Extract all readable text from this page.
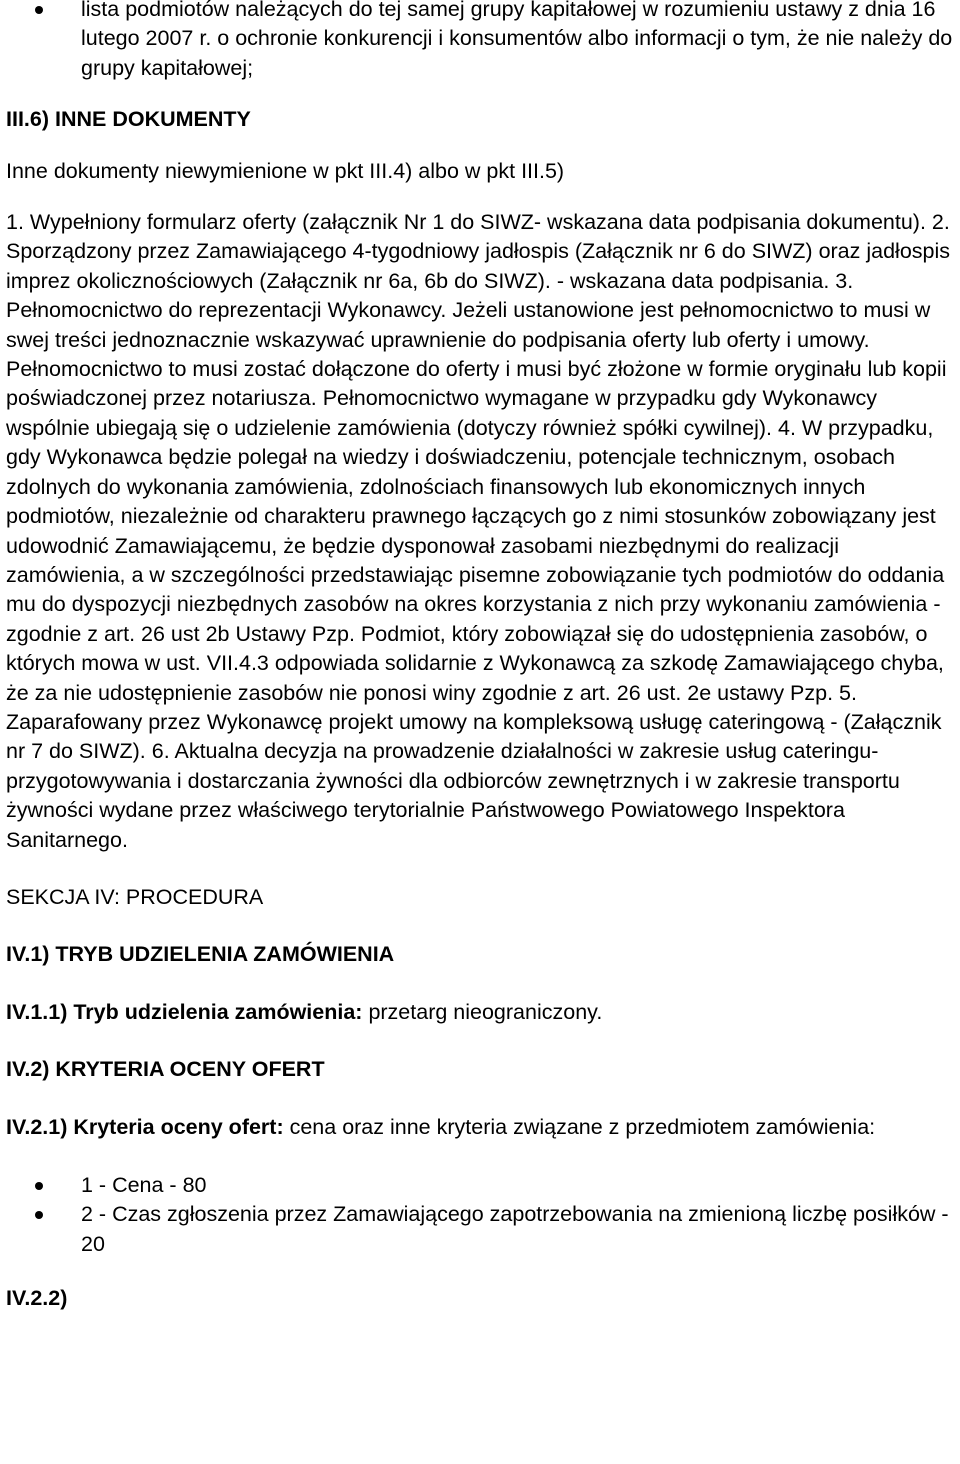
lista podmiotów należących do tej samej grupy kapitałowej w rozumieniu ustawy z dnia 16 lutego 2007 r. o ochronie konkurencji i konsumentów albo informacji o tym, że nie należy do grupy kapitałowej;

III.6) INNE DOKUMENTY

Inne dokumenty niewymienione w pkt III.4) albo w pkt III.5)

1. Wypełniony formularz oferty (załącznik Nr 1 do SIWZ- wskazana data podpisania dokumentu). 2. Sporządzony przez Zamawiającego 4-tygodniowy jadłospis (Załącznik nr 6 do SIWZ) oraz jadłospis imprez okolicznościowych (Załącznik nr 6a, 6b do SIWZ). - wskazana data podpisania. 3. Pełnomocnictwo do reprezentacji Wykonawcy. Jeżeli ustanowione jest pełnomocnictwo to musi w swej treści jednoznacznie wskazywać uprawnienie do podpisania oferty lub oferty i umowy. Pełnomocnictwo to musi zostać dołączone do oferty i musi być złożone w formie oryginału lub kopii poświadczonej przez notariusza. Pełnomocnictwo wymagane w przypadku gdy Wykonawcy wspólnie ubiegają się o udzielenie zamówienia (dotyczy również spółki cywilnej). 4. W przypadku, gdy Wykonawca będzie polegał na wiedzy i doświadczeniu, potencjale technicznym, osobach zdolnych do wykonania zamówienia, zdolnościach finansowych lub ekonomicznych innych podmiotów, niezależnie od charakteru prawnego łączących go z nimi stosunków zobowiązany jest udowodnić Zamawiającemu, że będzie dysponował zasobami niezbędnymi do realizacji zamówienia, a w szczególności przedstawiając pisemne zobowiązanie tych podmiotów do oddania mu do dyspozycji niezbędnych zasobów na okres korzystania z nich przy wykonaniu zamówienia - zgodnie z art. 26 ust 2b Ustawy Pzp. Podmiot, który zobowiązał się do udostępnienia zasobów, o których mowa w ust. VII.4.3 odpowiada solidarnie z Wykonawcą za szkodę Zamawiającego chyba, że za nie udostępnienie zasobów nie ponosi winy zgodnie z art. 26 ust. 2e ustawy Pzp. 5. Zaparafowany przez Wykonawcę projekt umowy na kompleksową usługę cateringową - (Załącznik nr 7 do SIWZ). 6. Aktualna decyzja na prowadzenie działalności w zakresie usług cateringu-przygotowywania i dostarczania żywności dla odbiorców zewnętrznych i w zakresie transportu żywności wydane przez właściwego terytorialnie Państwowego Powiatowego Inspektora Sanitarnego.

SEKCJA IV: PROCEDURA

IV.1) TRYB UDZIELENIA ZAMÓWIENIA

IV.1.1) Tryb udzielenia zamówienia: przetarg nieograniczony.

IV.2) KRYTERIA OCENY OFERT

IV.2.1) Kryteria oceny ofert: cena oraz inne kryteria związane z przedmiotem zamówienia:

1 - Cena - 80
2 - Czas zgłoszenia przez Zamawiającego zapotrzebowania na zmienioną liczbę posiłków - 20

IV.2.2)
